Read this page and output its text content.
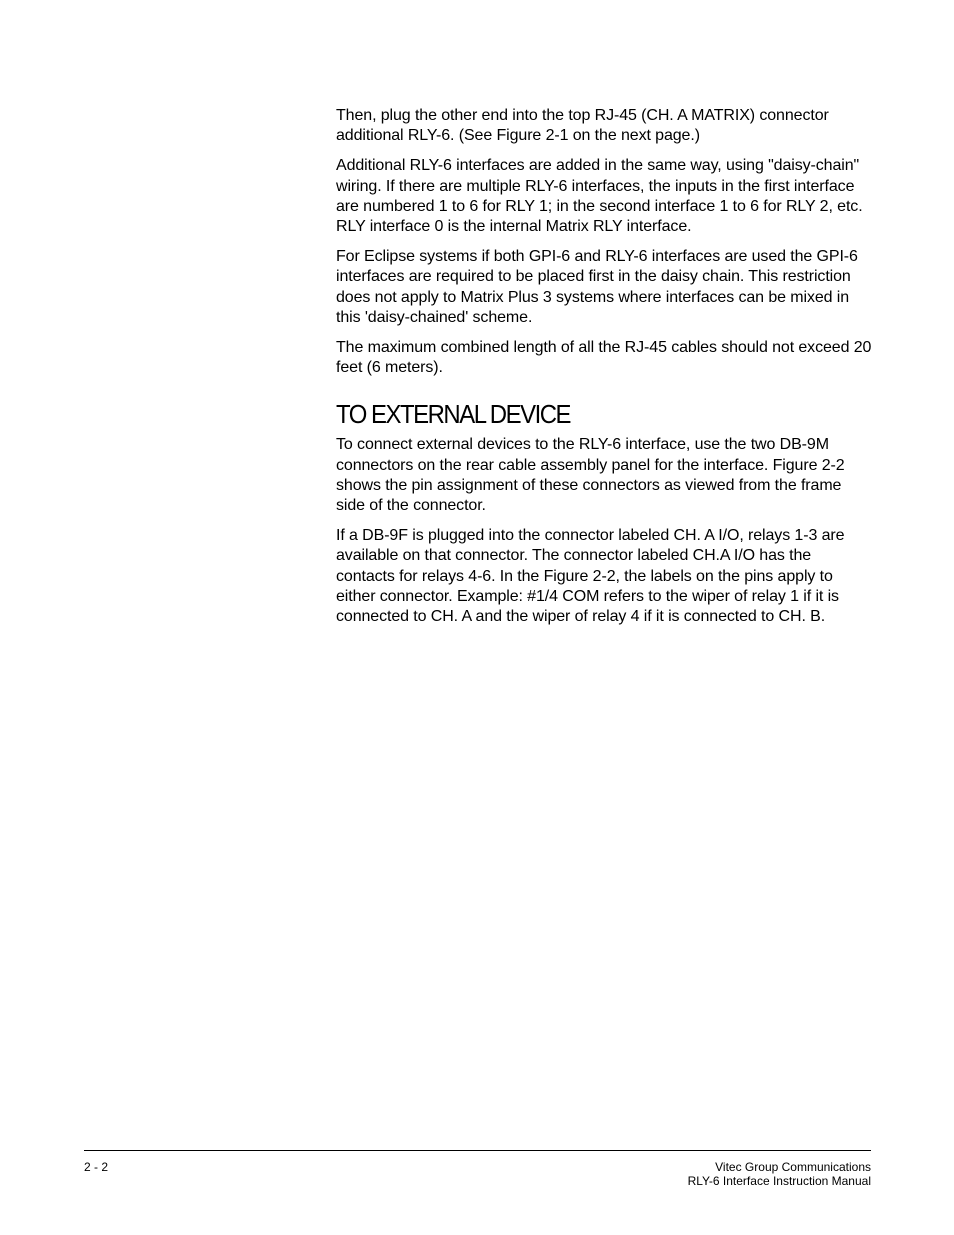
Then, plug the other end into the top RJ-45 (CH. A MATRIX) connector additional RLY-6. (See Figure 2-1 on the next page.)

Additional RLY-6 interfaces are added in the same way, using "daisy-chain" wiring. If there are multiple RLY-6 interfaces, the inputs in the first interface are numbered 1 to 6 for RLY 1; in the second interface 1 to 6 for RLY 2, etc. RLY interface 0 is the internal Matrix RLY interface.

For Eclipse systems if both GPI-6 and RLY-6 interfaces are used the GPI-6 interfaces are required to be placed first in the daisy chain. This restriction does not apply to Matrix Plus 3 systems where interfaces can be mixed in this 'daisy-chained' scheme.

The maximum combined length of all the RJ-45 cables should not exceed 20 feet (6 meters).

TO EXTERNAL DEVICE

To connect external devices to the RLY-6 interface, use the two DB-9M connectors on the rear cable assembly panel for the interface. Figure 2-2 shows the pin assignment of these connectors as viewed from the frame side of the connector.

If a DB-9F is plugged into the connector labeled CH. A I/O, relays 1-3 are available on that connector. The connector labeled CH.A I/O has the contacts for relays 4-6. In the Figure 2-2, the labels on the pins apply to either connector. Example: #1/4 COM refers to the wiper of relay 1 if it is connected to CH. A and the wiper of relay 4 if it is connected to CH. B.

2 - 2	Vitec Group Communications
RLY-6 Interface Instruction Manual
